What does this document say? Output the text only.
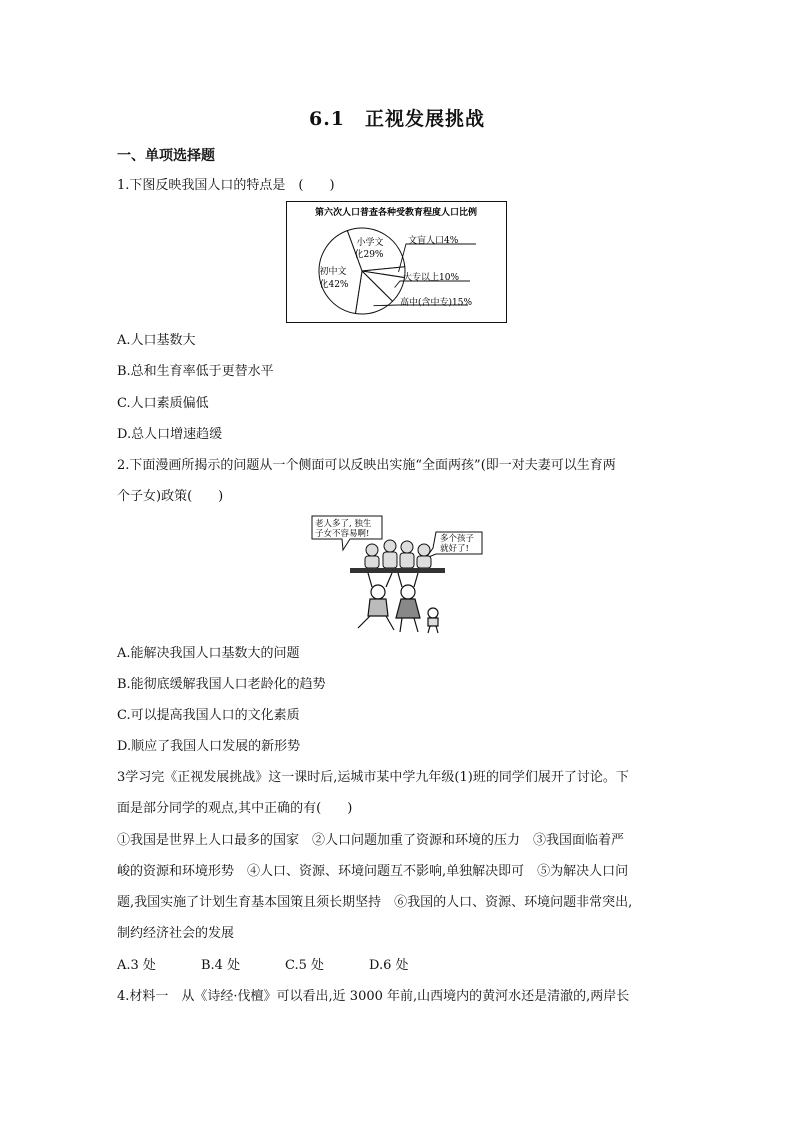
6.1　正视发展挑战
一、单项选择题
1.下图反映我国人口的特点是　(　　)
第六次人口普查各种受教育程度人口比例
小学文
化29%
初中文
化42%
文盲人口4%
大专以上10%
高中(含中专)15%
A.人口基数大
B.总和生育率低于更替水平
C.人口素质偏低
D.总人口增速趋缓
2.下面漫画所揭示的问题从一个侧面可以反映出实施“全面两孩”(即一对夫妻可以生育两
个子女)政策(　　)
老人多了, 独生
子女不容易啊!	多个孩子
就好了!
A.能解决我国人口基数大的问题
B.能彻底缓解我国人口老龄化的趋势
C.可以提高我国人口的文化素质
D.顺应了我国人口发展的新形势
3学习完《正视发展挑战》这一课时后,运城市某中学九年级(1)班的同学们展开了讨论。下
面是部分同学的观点,其中正确的有(　　)
①我国是世界上人口最多的国家　②人口问题加重了资源和环境的压力　③我国面临着严
峻的资源和环境形势　④人口、资源、环境问题互不影响,单独解决即可　⑤为解决人口问
题,我国实施了计划生育基本国策且须长期坚持　⑥我国的人口、资源、环境问题非常突出,
制约经济社会的发展
A.3 处	B.4 处	C.5 处	D.6 处
4.材料一　从《诗经·伐檀》可以看出,近 3000 年前,山西境内的黄河水还是清澈的,两岸长
